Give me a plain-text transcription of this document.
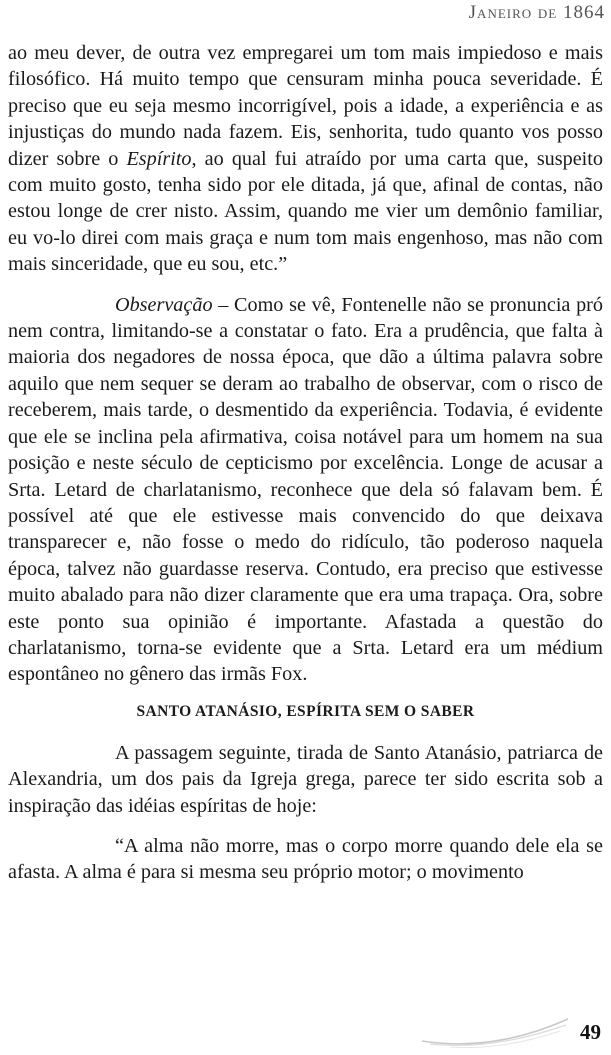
Janeiro de 1864

ao meu dever, de outra vez empregarei um tom mais impiedoso e mais filosófico. Há muito tempo que censuram minha pouca severidade. É preciso que eu seja mesmo incorrigível, pois a idade, a experiência e as injustiças do mundo nada fazem. Eis, senhorita, tudo quanto vos posso dizer sobre o Espírito, ao qual fui atraído por uma carta que, suspeito com muito gosto, tenha sido por ele ditada, já que, afinal de contas, não estou longe de crer nisto. Assim, quando me vier um demônio familiar, eu vo-lo direi com mais graça e num tom mais engenhoso, mas não com mais sinceridade, que eu sou, etc.”

Observação – Como se vê, Fontenelle não se pronuncia pró nem contra, limitando-se a constatar o fato. Era a prudência, que falta à maioria dos negadores de nossa época, que dão a última palavra sobre aquilo que nem sequer se deram ao trabalho de observar, com o risco de receberem, mais tarde, o desmentido da experiência. Todavia, é evidente que ele se inclina pela afirmativa, coisa notável para um homem na sua posição e neste século de cepticismo por excelência. Longe de acusar a Srta. Letard de charlatanismo, reconhece que dela só falavam bem. É possível até que ele estivesse mais convencido do que deixava transparecer e, não fosse o medo do ridículo, tão poderoso naquela época, talvez não guardasse reserva. Contudo, era preciso que estivesse muito abalado para não dizer claramente que era uma trapaça. Ora, sobre este ponto sua opinião é importante. Afastada a questão do charlatanismo, torna-se evidente que a Srta. Letard era um médium espontâneo no gênero das irmãs Fox.

SANTO ATANÁSIO, ESPÍRITA SEM O SABER

A passagem seguinte, tirada de Santo Atanásio, patriarca de Alexandria, um dos pais da Igreja grega, parece ter sido escrita sob a inspiração das idéias espíritas de hoje:

“A alma não morre, mas o corpo morre quando dele ela se afasta. A alma é para si mesma seu próprio motor; o movimento

49
